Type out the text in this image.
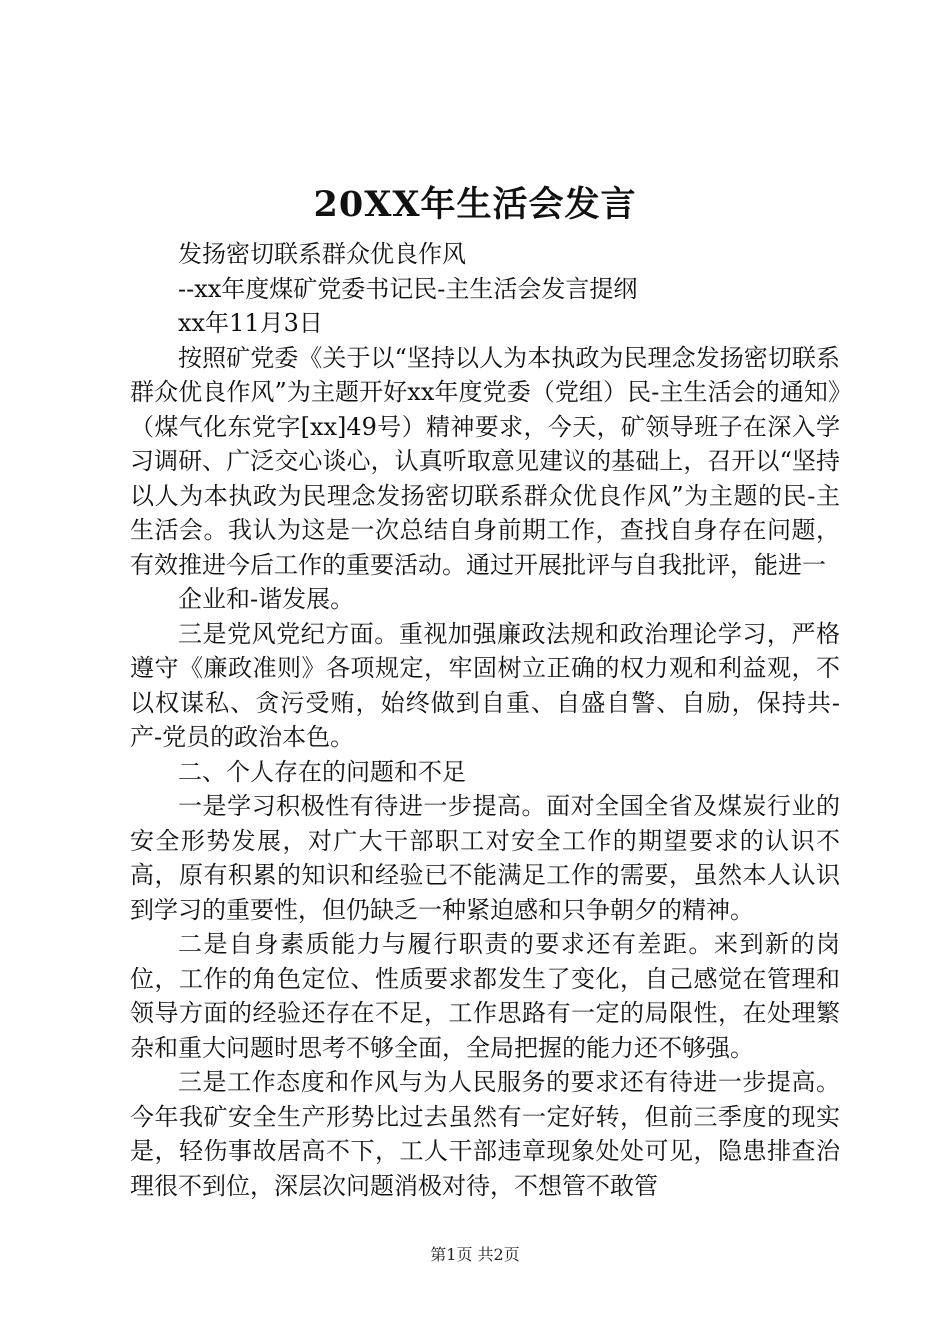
20XX年生活会发言

发扬密切联系群众优良作风

--xx年度煤矿党委书记民-主生活会发言提纲

xx年11月3日

按照矿党委《关于以“坚持以人为本执政为民理念发扬密切联系群众优良作风”为主题开好xx年度党委（党组）民-主生活会的通知》（煤气化东党字[xx]49号）精神要求，今天，矿领导班子在深入学习调研、广泛交心谈心，认真听取意见建议的基础上，召开以“坚持以人为本执政为民理念发扬密切联系群众优良作风”为主题的民-主生活会。我认为这是一次总结自身前期工作，查找自身存在问题，有效推进今后工作的重要活动。通过开展批评与自我批评，能进一

企业和-谐发展。

三是党风党纪方面。重视加强廉政法规和政治理论学习，严格遵守《廉政准则》各项规定，牢固树立正确的权力观和利益观，不以权谋私、贪污受贿，始终做到自重、自盛自警、自励，保持共-产-党员的政治本色。

二、个人存在的问题和不足

一是学习积极性有待进一步提高。面对全国全省及煤炭行业的安全形势发展，对广大干部职工对安全工作的期望要求的认识不高，原有积累的知识和经验已不能满足工作的需要，虽然本人认识到学习的重要性，但仍缺乏一种紧迫感和只争朝夕的精神。

二是自身素质能力与履行职责的要求还有差距。来到新的岗位，工作的角色定位、性质要求都发生了变化，自己感觉在管理和领导方面的经验还存在不足，工作思路有一定的局限性，在处理繁杂和重大问题时思考不够全面，全局把握的能力还不够强。

三是工作态度和作风与为人民服务的要求还有待进一步提高。今年我矿安全生产形势比过去虽然有一定好转，但前三季度的现实是，轻伤事故居高不下，工人干部违章现象处处可见，隐患排查治理很不到位，深层次问题消极对待，不想管不敢管

第1页 共2页
